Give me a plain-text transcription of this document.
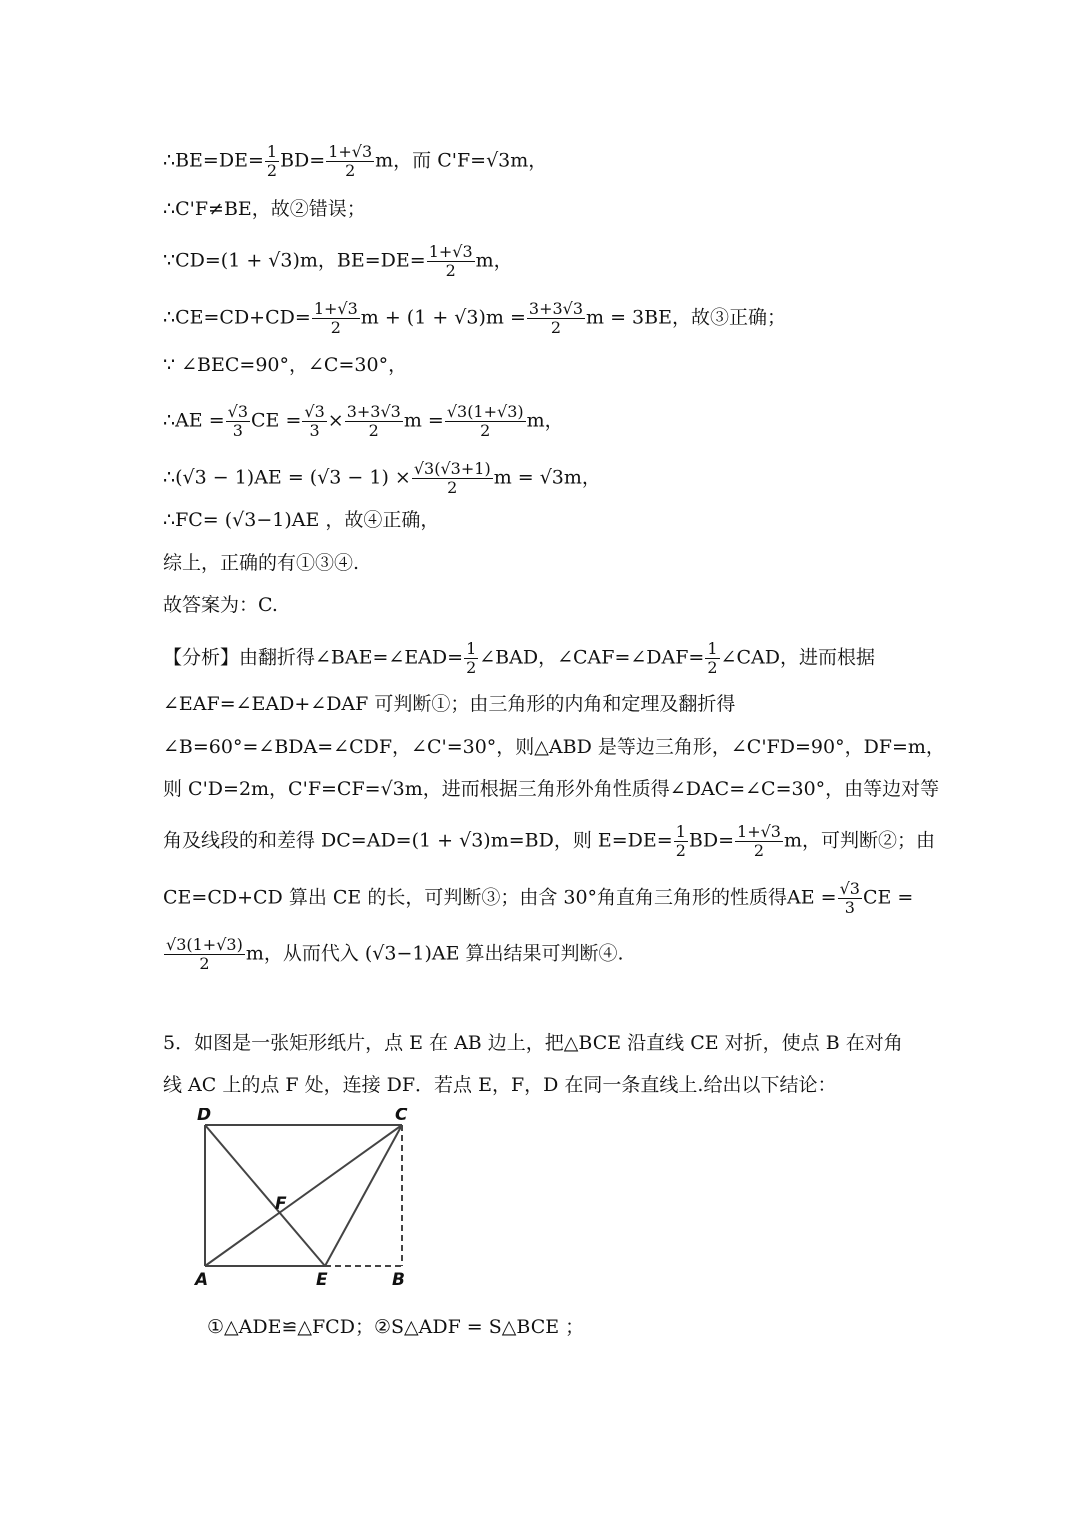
∴BE=DE= $\frac{1}{2} BD= \frac{1+√3}{2}$ m，而 C'F=√3m，
∴C'F≠BE，故②错误；
∵CD=(1 + √3)m，$BE=DE= \frac{1+√3}{2}$ m，
∴CE=CD+CD= $\frac{1+√3}{2}$ $m + (1 + √3)m = \frac{3+3√3}{2}$ m = 3BE，故③正确；
∵ ∠BEC=90°，∠C=30°，
∴AE = $\frac{√3}{3}$ CE = $\frac{√3}{3} \times \frac{3+3√3}{2}$ $m = \frac{√3(1+√3)}{2}$ m，
∴(√3 − $1)AE = (√3 - 1) \times \frac{√3(√3+1)}{2}$ m = √3m，
∴FC= (√3−1)AE ，故④正确，
综上，正确的有①③④.
故答案为：C.
【分析】由翻折得∠BAE=∠EAD= $\frac{1}{2}$ ∠BAD，∠CAF=∠DAF= $\frac{1}{2}$ ∠CAD，进而根据
∠EAF=∠EAD+∠DAF 可判断①；由三角形的内角和定理及翻折得
∠B=60°=∠BDA=∠CDF，∠C'=30°，则△ABD 是等边三角形，∠C'FD=90°，DF=m，
则 C'D=2m，C'F=CF=√3m，进而根据三角形外角性质得∠DAC=∠C=30°，由等边对等
角及线段的和差得 DC=AD=(1 + √3)m=BD，则 $E=DE= \frac{1}{2} BD= \frac{1+√3}{2}$ m，可判断②；由
CE=CD+CD 算出 CE 的长，可判断③；由含 30°角直角三角形的性质得AE = $\frac{√3}{3}$ CE =
$\frac{√3(1+√3)}{2}$ m，从而代入 (√3−1)AE 算出结果可判断④.
5．如图是一张矩形纸片，点 E 在 AB 边上，把△BCE 沿直线 CE 对折，使点 B 在对角
线 AC 上的点 F 处，连接 DF．若点 E，F，D 在同一条直线上.给出以下结论：
D	C
F
A	E	B
①△ADE≌△FCD；②S△ADF = S△BCE ；
